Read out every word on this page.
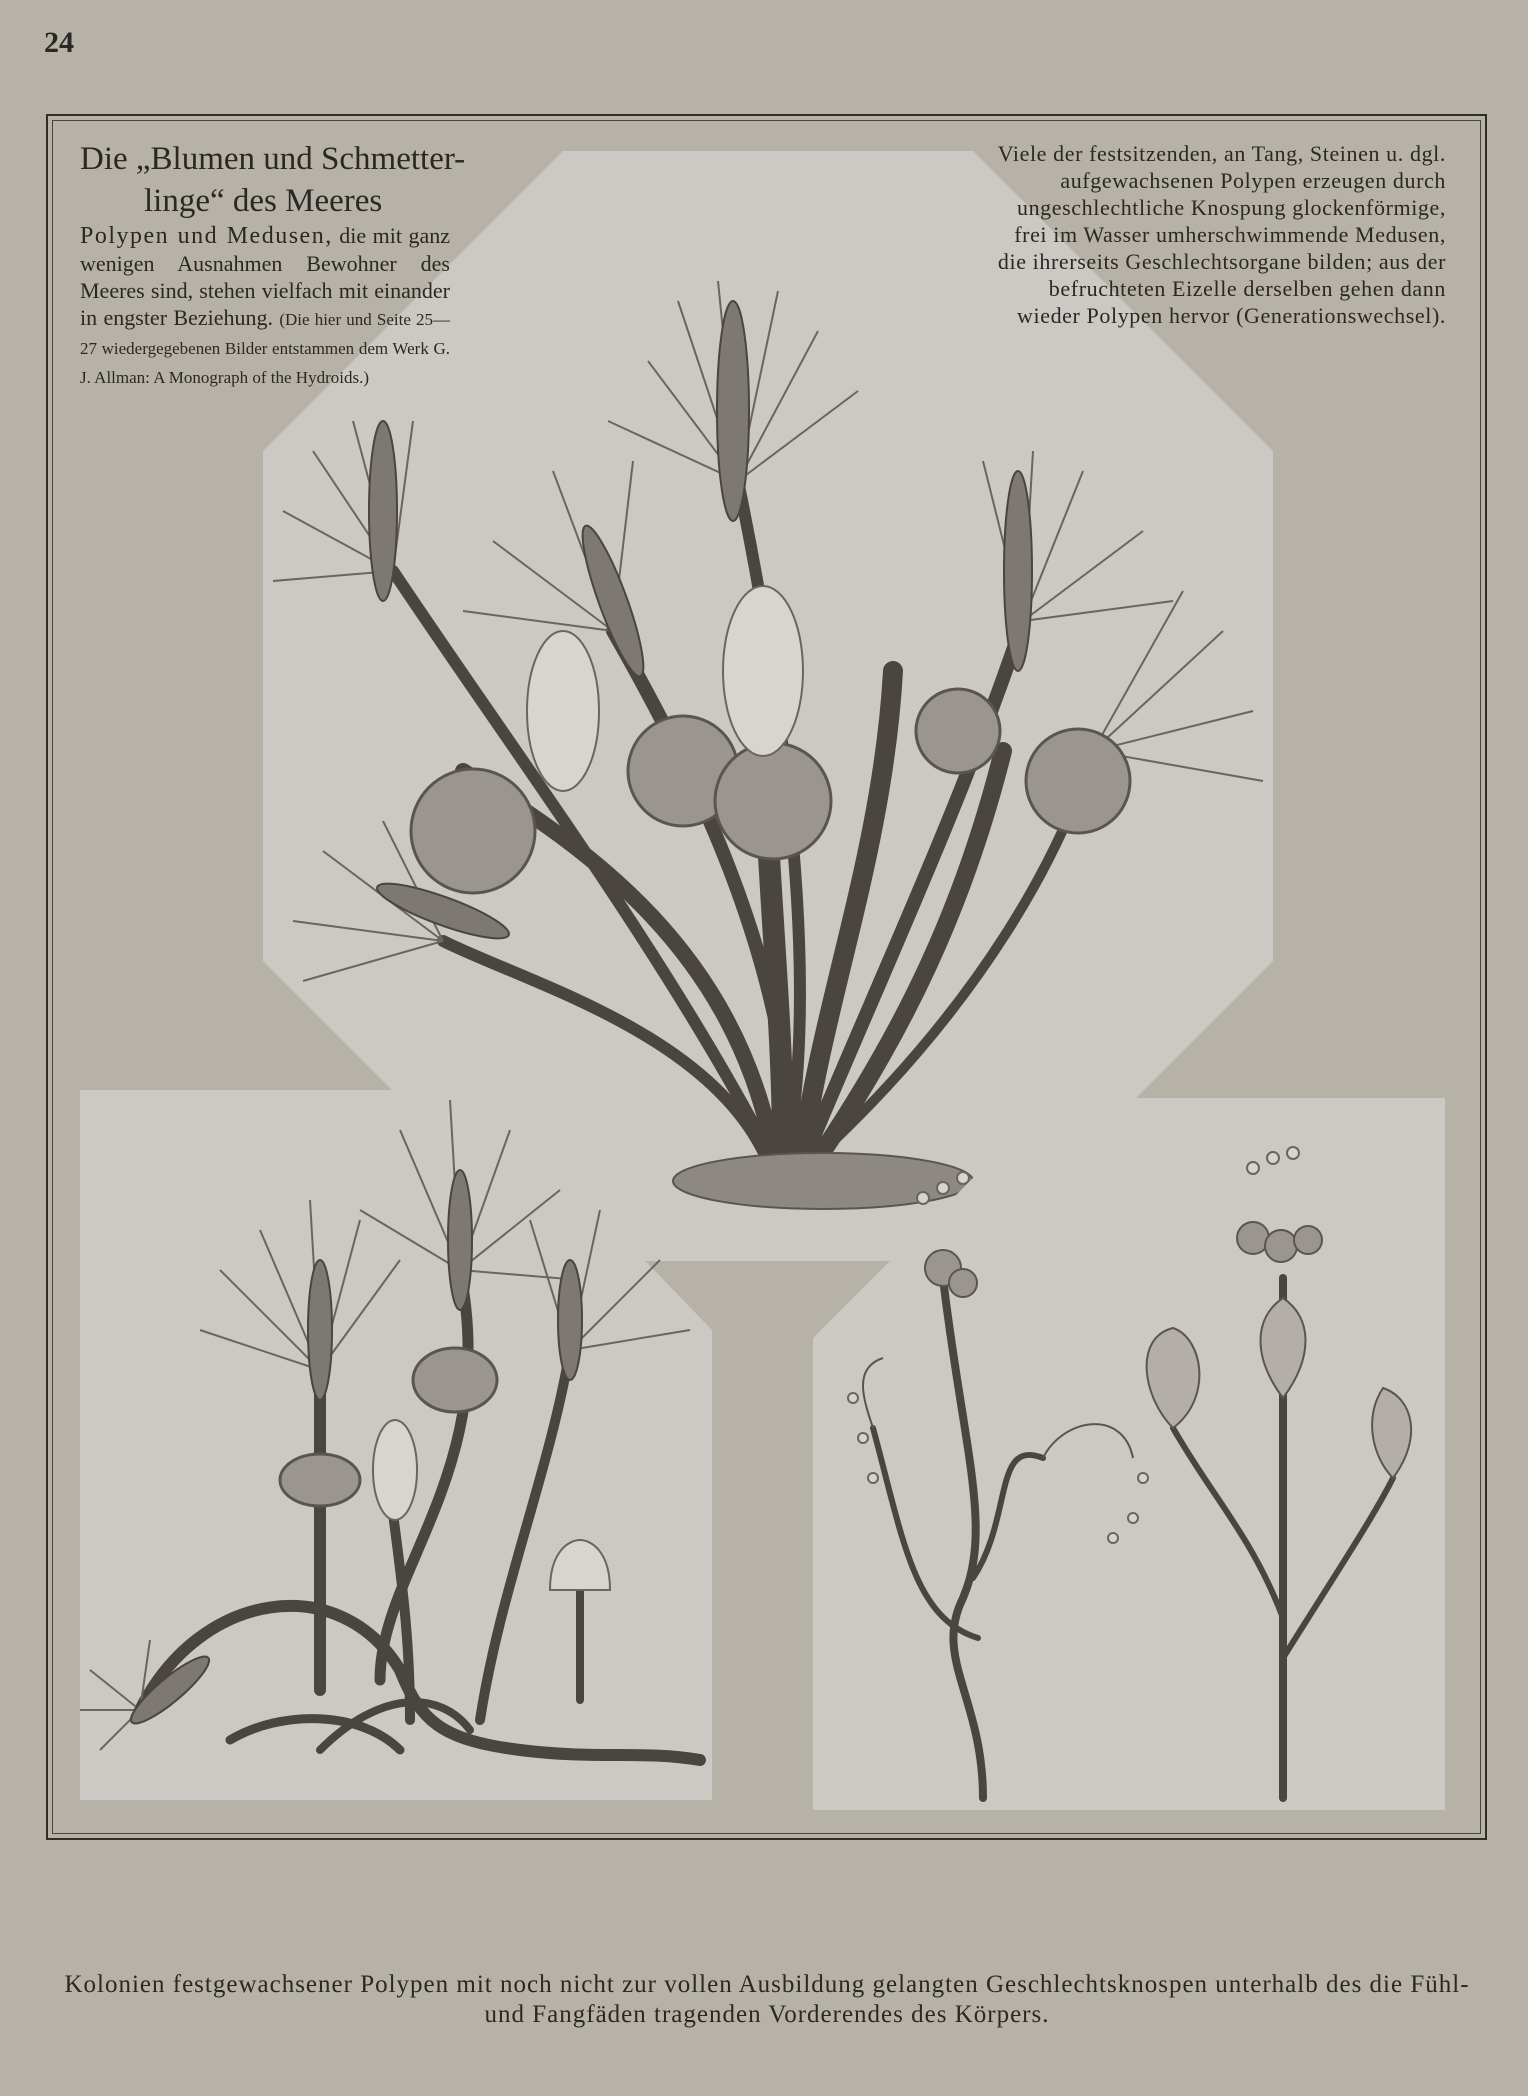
24
Die „Blumen und Schmetter-
linge“ des Meeres
Polypen und Medusen, die mit ganz wenigen Ausnahmen Bewohner des Meeres sind, stehen vielfach mit einander in engster Beziehung. (Die hier und Seite 25—27 wiedergegebenen Bilder entstammen dem Werk G. J. Allman: A Monograph of the Hydroids.)
Viele der festsitzenden, an Tang, Steinen u. dgl. aufgewachsenen Polypen erzeugen durch ungeschlechtliche Knospung glockenförmige, frei im Wasser umherschwimmende Medusen, die ihrerseits Geschlechtsorgane bilden; aus der befruchteten Eizelle derselben gehen dann wieder Polypen hervor (Generationswechsel).
Kolonien festgewachsener Polypen mit noch nicht zur vollen Ausbildung gelangten Geschlechtsknospen unterhalb des die Fühl- und Fangfäden tragenden Vorderendes des Körpers.
